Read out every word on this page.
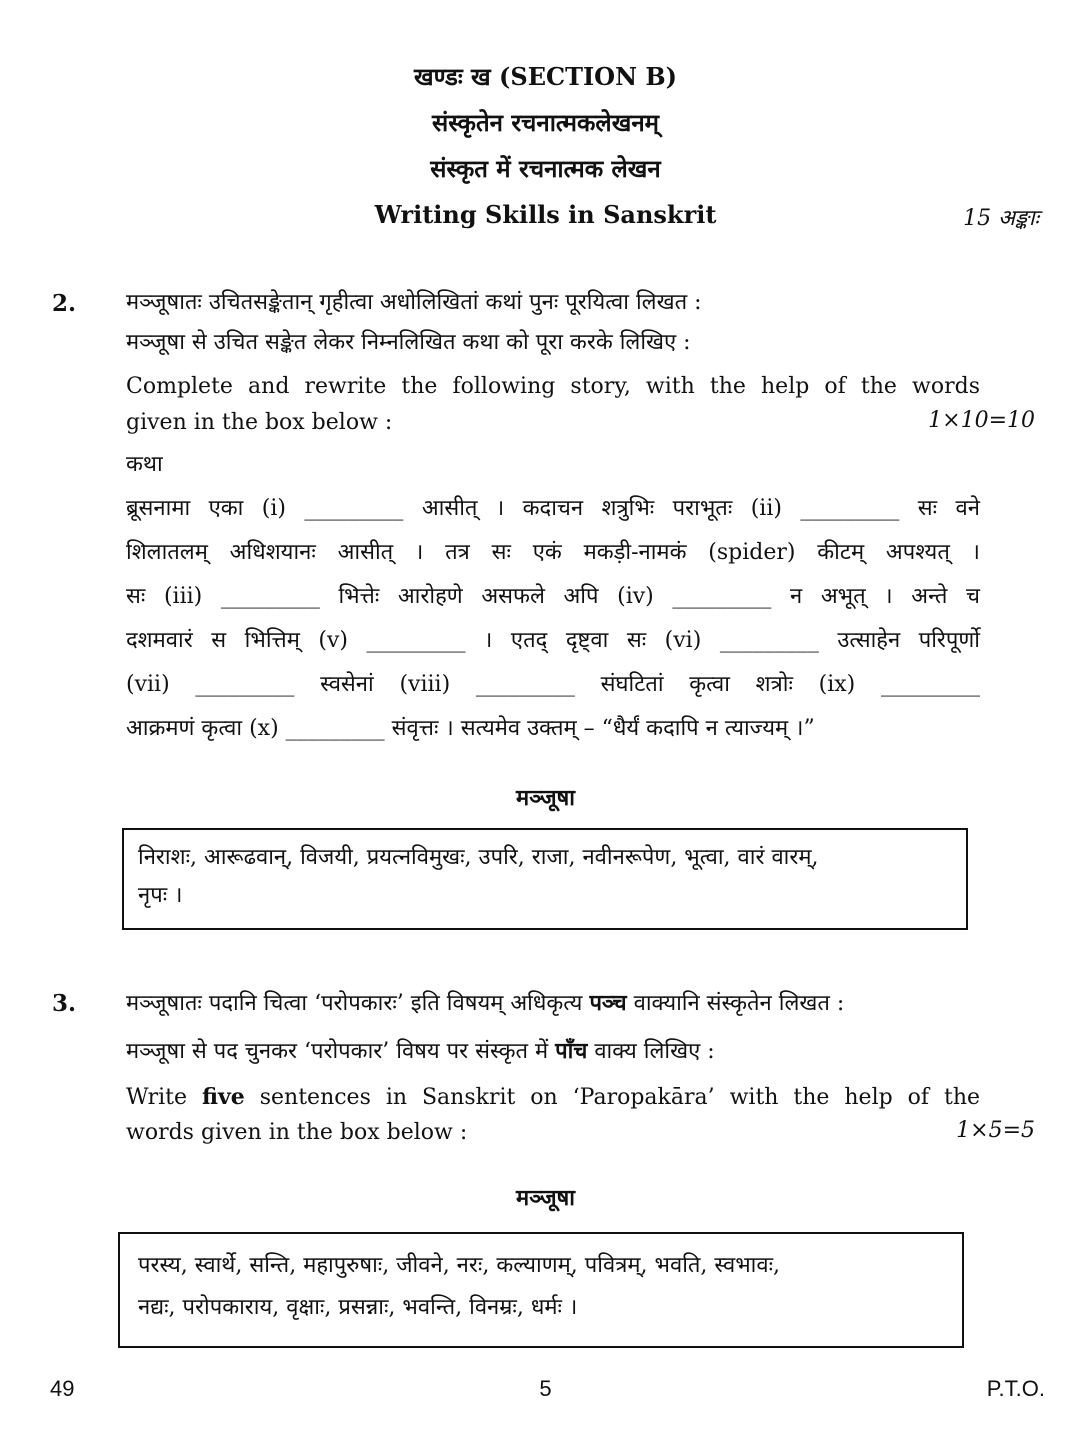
खण्डः ख (SECTION B)
संस्कृतेन रचनात्मकलेखनम्
संस्कृत में रचनात्मक लेखन
Writing Skills in Sanskrit	15 अङ्काः
2. मञ्जूषातः उचितसङ्केतान् गृहीत्वा अधोलिखितां कथां पुनः पूरयित्वा लिखत :
मञ्जूषा से उचित सङ्केत लेकर निम्नलिखित कथा को पूरा करके लिखिए :
Complete and rewrite the following story, with the help of the words
given in the box below :	1×10=10
कथा
ब्रूसनामा एका (i) _________ आसीत् । कदाचन शत्रुभिः पराभूतः (ii) _________ सः वने
शिलातलम् अधिशयानः आसीत् । तत्र सः एकं मकड़ी-नामकं (spider) कीटम् अपश्यत् ।
सः (iii) _________ भित्तेः आरोहणे असफले अपि (iv) _________ न अभूत् । अन्ते च
दशमवारं स भित्तिम् (v) _________ । एतद् दृष्ट्वा सः (vi) _________ उत्साहेन परिपूर्णो
(vii) _________ स्वसेनां (viii) _________ संघटितां कृत्वा शत्रोः (ix) _________
आक्रमणं कृत्वा (x) _________ संवृत्तः । सत्यमेव उक्तम् – “धैर्यं कदापि न त्याज्यम् ।”
मञ्जूषा
निराशः, आरूढवान्, विजयी, प्रयत्नविमुखः, उपरि, राजा, नवीनरूपेण, भूत्वा, वारं वारम्,
नृपः ।
3. मञ्जूषातः पदानि चित्वा ‘परोपकारः’ इति विषयम् अधिकृत्य पञ्च वाक्यानि संस्कृतेन लिखत :
मञ्जूषा से पद चुनकर ‘परोपकार’ विषय पर संस्कृत में पाँच वाक्य लिखिए :
Write five sentences in Sanskrit on ‘Paropakāra’ with the help of the
words given in the box below :	1×5=5
मञ्जूषा
परस्य, स्वार्थे, सन्ति, महापुरुषाः, जीवने, नरः, कल्याणम्, पवित्रम्, भवति, स्वभावः,
नद्यः, परोपकाराय, वृक्षाः, प्रसन्नाः, भवन्ति, विनम्रः, धर्मः ।
49	5	P.T.O.
